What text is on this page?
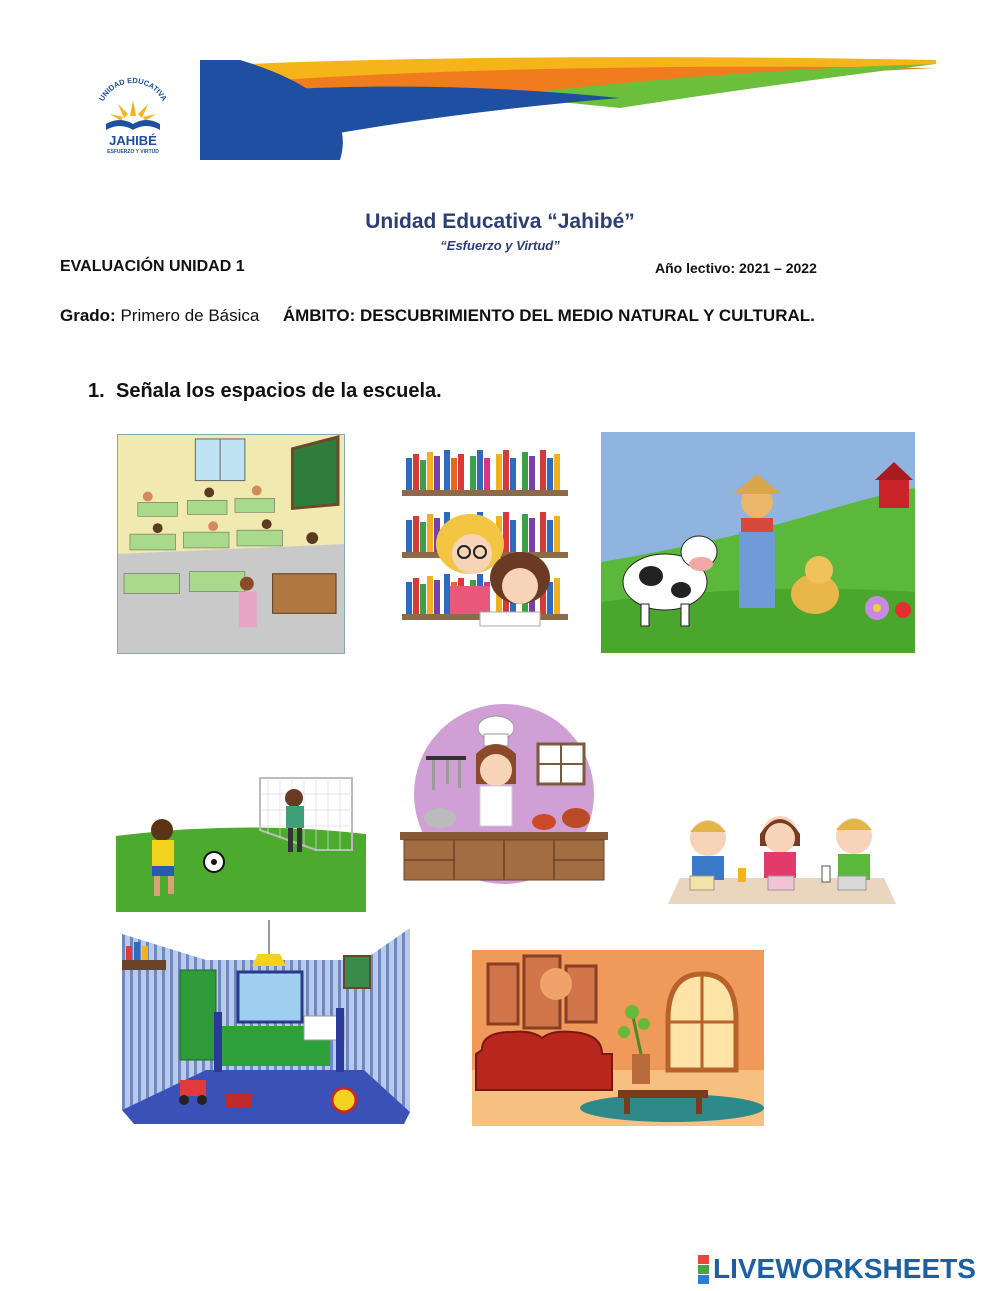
UNIDAD EDUCATIVA
JAHIBÉ
ESFUERZO Y VIRTUD
Unidad Educativa “Jahibé”
“Esfuerzo y Virtud”
EVALUACIÓN UNIDAD 1	Año lectivo: 2021 – 2022
Grado: Primero de Básica ÁMBITO: DESCUBRIMIENTO DEL MEDIO NATURAL Y CULTURAL.
1. Señala los espacios de la escuela.
LIVEWORKSHEETS
